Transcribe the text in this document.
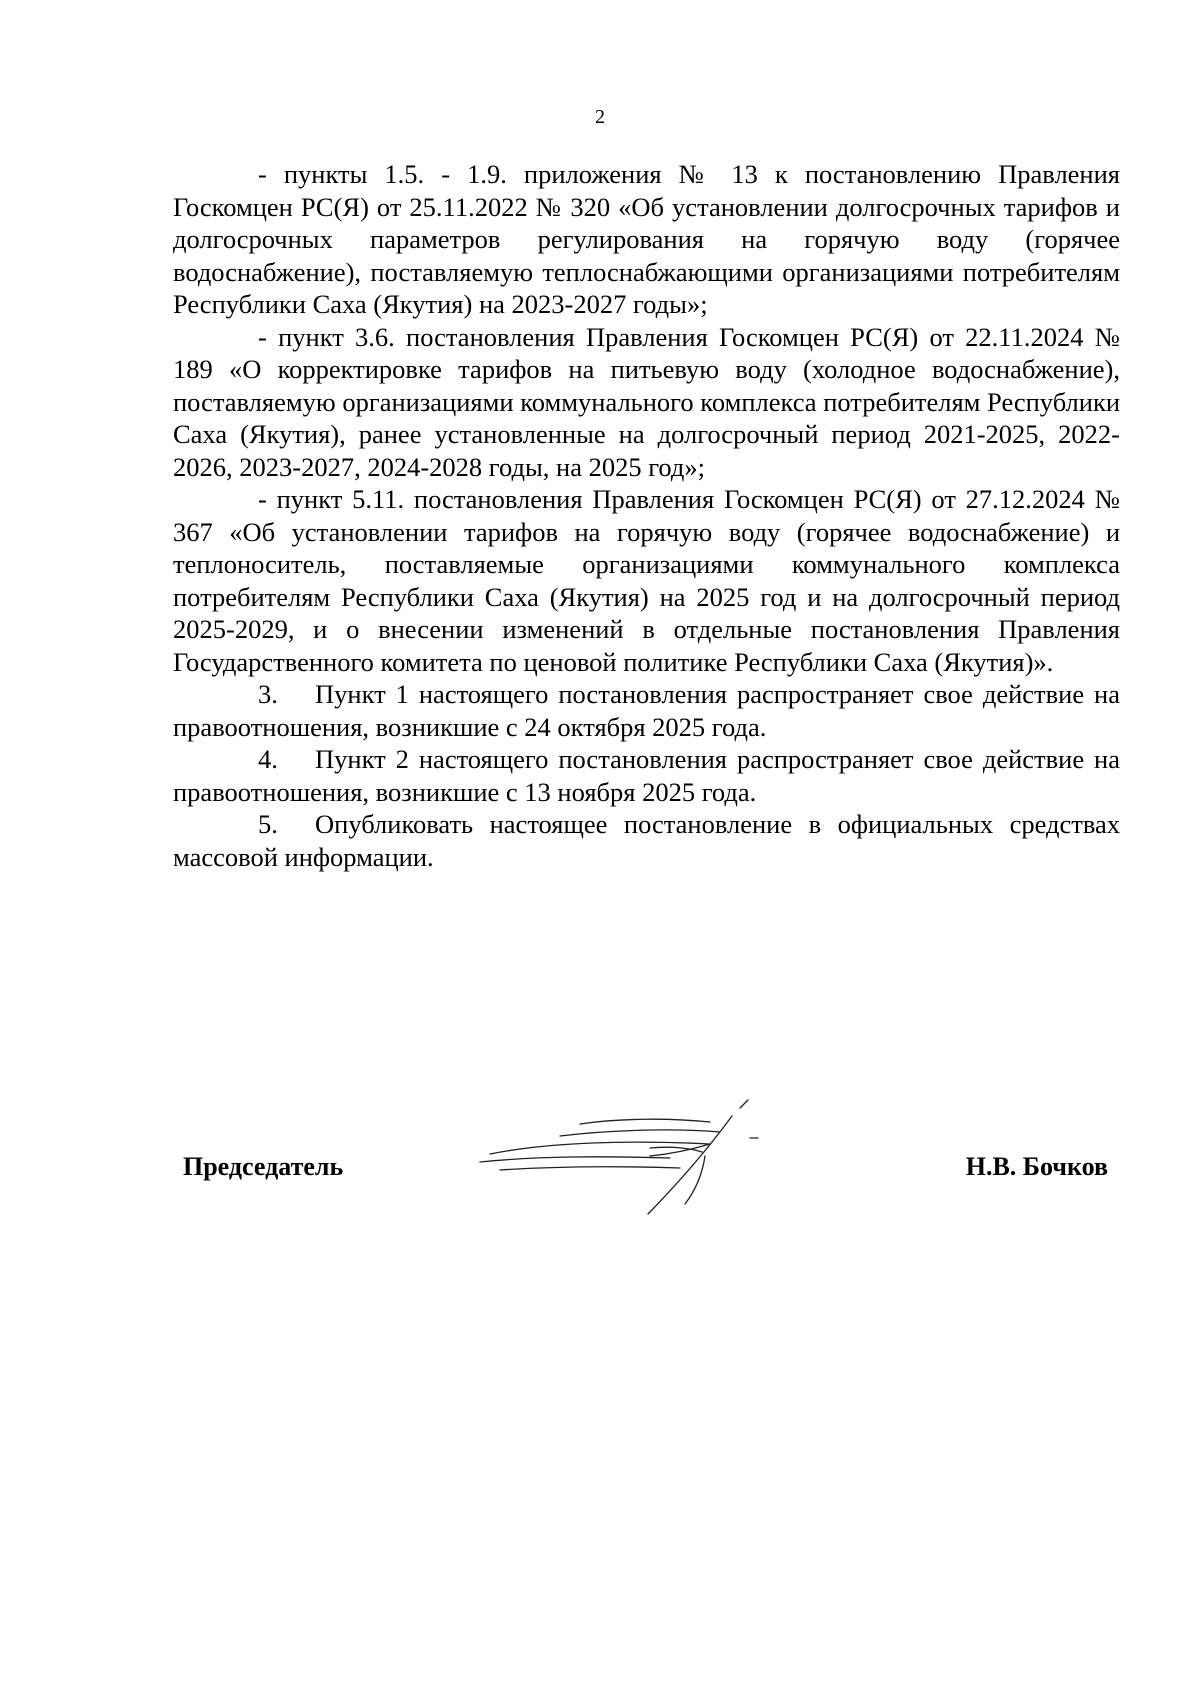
2

- пункты 1.5. - 1.9. приложения № 13 к постановлению Правления Госкомцен РС(Я) от 25.11.2022 № 320 «Об установлении долгосрочных тарифов и долгосрочных параметров регулирования на горячую воду (горячее водоснабжение), поставляемую теплоснабжающими организациями потребителям Республики Саха (Якутия) на 2023-2027 годы»;

- пункт 3.6. постановления Правления Госкомцен РС(Я) от 22.11.2024 № 189 «О корректировке тарифов на питьевую воду (холодное водоснабжение), поставляемую организациями коммунального комплекса потребителям Республики Саха (Якутия), ранее установленные на долгосрочный период 2021-2025, 2022-2026, 2023-2027, 2024-2028 годы, на 2025 год»;

- пункт 5.11. постановления Правления Госкомцен РС(Я) от 27.12.2024 № 367 «Об установлении тарифов на горячую воду (горячее водоснабжение) и теплоноситель, поставляемые организациями коммунального комплекса потребителям Республики Саха (Якутия) на 2025 год и на долгосрочный период 2025-2029, и о внесении изменений в отдельные постановления Правления Государственного комитета по ценовой политике Республики Саха (Якутия)».

3. Пункт 1 настоящего постановления распространяет свое действие на правоотношения, возникшие с 24 октября 2025 года.

4. Пункт 2 настоящего постановления распространяет свое действие на правоотношения, возникшие с 13 ноября 2025 года.

5. Опубликовать настоящее постановление в официальных средствах массовой информации.

Председатель	Н.В. Бочков
